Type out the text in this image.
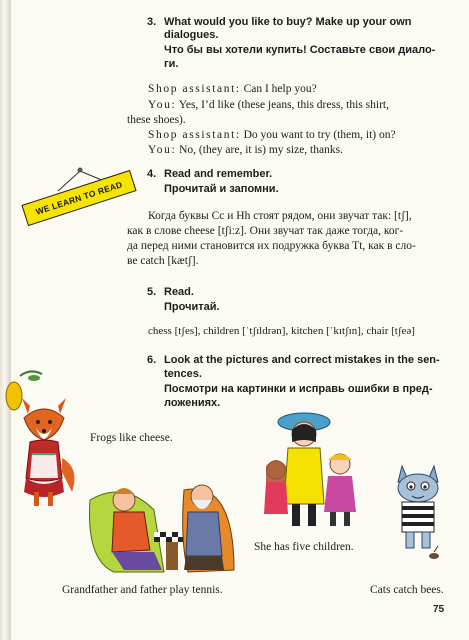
3. What would you like to buy? Make up your own
dialogues.
Что бы вы хотели купить! Составьте свои диало-
ги.
Shop assistant: Can I help you?
You: Yes, I’d like (these jeans, this dress, this shirt,
these shoes).
Shop assistant: Do you want to try (them, it) on?
You: No, (they are, it is) my size, thanks.
WE LEARN TO READ
4. Read and remember.
Прочитай и запомни.
Когда буквы Cc и Hh стоят рядом, они звучат так: [tʃ],
как в слове cheese [tʃiːz]. Они звучат так даже тогда, ког-
да перед ними становится их подружка буква Tt, как в сло-
ве catch [kætʃ].
5. Read.
Прочитай.
chess [tʃes], children [ˈtʃɪldrən], kitchen [ˈkɪtʃɪn], chair [tʃeə]
6. Look at the pictures and correct mistakes in the sen-
tences.
Посмотри на картинки и исправь ошибки в пред-
ложениях.
Frogs like cheese.
She has five children.
Grandfather and father play tennis.	Cats catch bees.
75
